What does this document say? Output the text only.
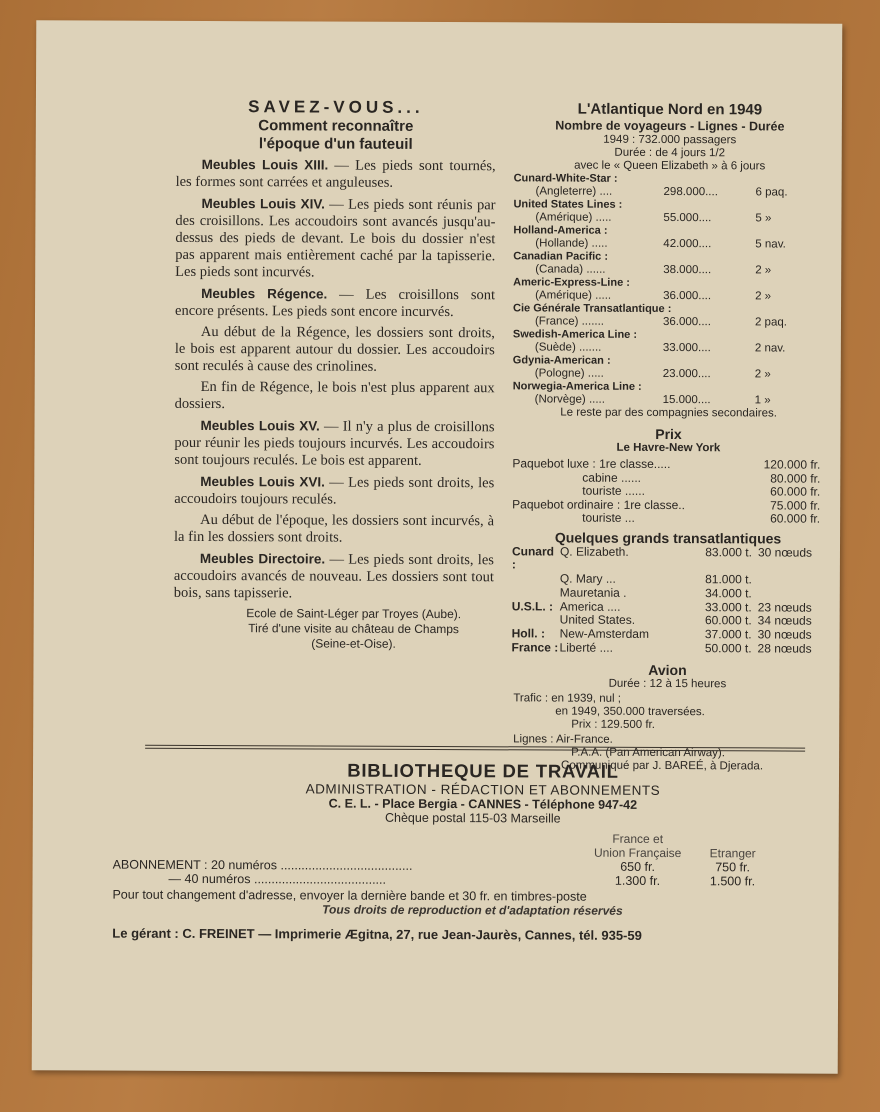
SAVEZ-VOUS...

Comment reconnaître

l'époque d'un fauteuil

Meubles Louis XIII. — Les pieds sont tournés, les formes sont carrées et anguleuses.

Meubles Louis XIV. — Les pieds sont réunis par des croisillons. Les accoudoirs sont avancés jusqu'au-dessus des pieds de devant. Le bois du dossier n'est pas apparent mais entièrement caché par la tapisserie. Les pieds sont incurvés.

Meubles Régence. — Les croisillons sont encore présents. Les pieds sont encore incurvés.

Au début de la Régence, les dossiers sont droits, le bois est apparent autour du dossier. Les accoudoirs sont reculés à cause des crinolines.

En fin de Régence, le bois n'est plus apparent aux dossiers.

Meubles Louis XV. — Il n'y a plus de croisillons pour réunir les pieds toujours incurvés. Les accoudoirs sont toujours reculés. Le bois est apparent.

Meubles Louis XVI. — Les pieds sont droits, les accoudoirs toujours reculés.

Au début de l'époque, les dossiers sont incurvés, à la fin les dossiers sont droits.

Meubles Directoire. — Les pieds sont droits, les accoudoirs avancés de nouveau. Les dossiers sont tout bois, sans tapisserie.

Ecole de Saint-Léger par Troyes (Aube).
Tiré d'une visite au château de Champs
(Seine-et-Oise).

L'Atlantique Nord en 1949

Nombre de voyageurs - Lignes - Durée

1949 : 732.000 passagers
Durée : de 4 jours 1/2
avec le « Queen Elizabeth » à 6 jours
Cunard-White-Star :
(Angleterre) ....	298.000....	6 paq.
United States Lines :
(Amérique) .....	55.000....	5 »
Holland-America :
(Hollande) .....	42.000....	5 nav.
Canadian Pacific :
(Canada) ......	38.000....	2 »
Americ-Express-Line :
(Amérique) .....	36.000....	2 »
Cie Générale Transatlantique :
(France) .......	36.000....	2 paq.
Swedish-America Line :
(Suède) .......	33.000....	2 nav.
Gdynia-American :
(Pologne) .....	23.000....	2 »
Norwegia-America Line :
(Norvège) .....	15.000....	1 »
Le reste par des compagnies secondaires.

Prix

Le Havre-New York
Paquebot luxe : 1re classe.....	120.000 fr.
cabine ......	80.000 fr.
touriste ......	60.000 fr.
Paquebot ordinaire : 1re classe..	75.000 fr.
touriste ...	60.000 fr.

Quelques grands transatlantiques

Cunard :
Q. Elizabeth.	83.000 t. 30 nœuds
Q. Mary ...	81.000 t.
Mauretania .	34.000 t.
U.S.L. : America ....	33.000 t. 23 nœuds
United States.	60.000 t. 34 nœuds
Holl. :	New-Amsterdam	37.000 t. 30 nœuds
France : Liberté ....	50.000 t. 28 nœuds

Avion

Durée : 12 à 15 heures
Trafic : en 1939, nul ;
en 1949, 350.000 traversées.
Prix : 129.500 fr.
Lignes : Air-France.
P.A.A. (Pan American Airway).
Communiqué par J. BAREÉ, à Djerada.
BIBLIOTHEQUE DE TRAVAIL
ADMINISTRATION - RÉDACTION ET ABONNEMENTS
C. E. L. - Place Bergia - CANNES - Téléphone 947-42
Chèque postal 115-03 Marseille
France et
Union Française	Etranger
ABONNEMENT : 20 numéros ......................................	650 fr.	750 fr.
— 40 numéros ......................................	1.300 fr.	1.500 fr.
Pour tout changement d'adresse, envoyer la dernière bande et 30 fr. en timbres-poste
Tous droits de reproduction et d'adaptation réservés
Le gérant : C. FREINET — Imprimerie Ægitna, 27, rue Jean-Jaurès, Cannes, tél. 935-59
